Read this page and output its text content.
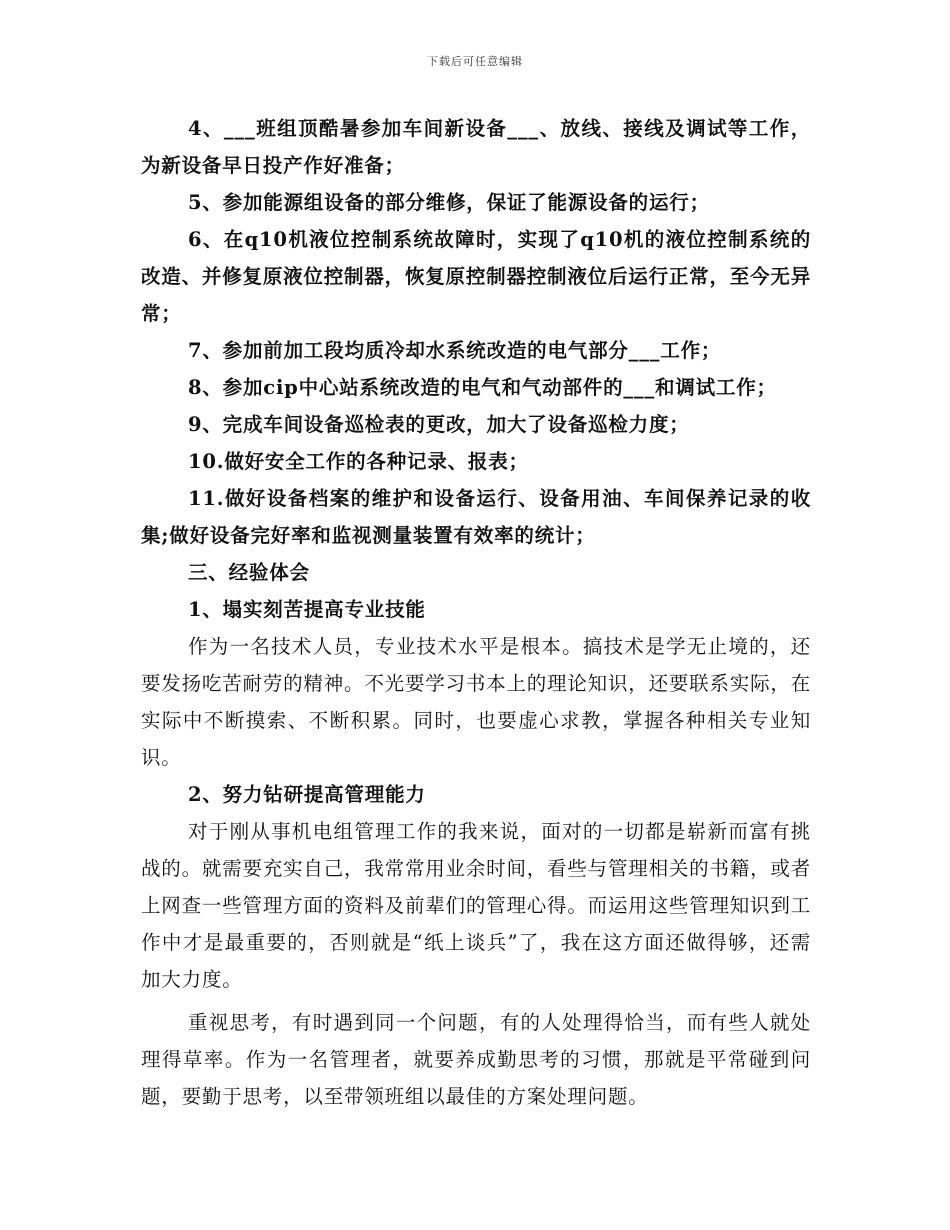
下载后可任意编辑

4、___班组顶酷暑参加车间新设备___、放线、接线及调试等工作，为新设备早日投产作好准备；

5、参加能源组设备的部分维修，保证了能源设备的运行；

6、在q10机液位控制系统故障时，实现了q10机的液位控制系统的改造、并修复原液位控制器，恢复原控制器控制液位后运行正常，至今无异常；

7、参加前加工段均质冷却水系统改造的电气部分___工作；

8、参加cip中心站系统改造的电气和气动部件的___和调试工作；

9、完成车间设备巡检表的更改，加大了设备巡检力度；

10.做好安全工作的各种记录、报表；

11.做好设备档案的维护和设备运行、设备用油、车间保养记录的收集;做好设备完好率和监视测量装置有效率的统计；

三、经验体会

1、塌实刻苦提高专业技能

作为一名技术人员，专业技术水平是根本。搞技术是学无止境的，还要发扬吃苦耐劳的精神。不光要学习书本上的理论知识，还要联系实际，在实际中不断摸索、不断积累。同时，也要虚心求教，掌握各种相关专业知识。

2、努力钻研提高管理能力

对于刚从事机电组管理工作的我来说，面对的一切都是崭新而富有挑战的。就需要充实自己，我常常用业余时间，看些与管理相关的书籍，或者上网查一些管理方面的资料及前辈们的管理心得。而运用这些管理知识到工作中才是最重要的，否则就是“纸上谈兵”了，我在这方面还做得够，还需加大力度。

重视思考，有时遇到同一个问题，有的人处理得恰当，而有些人就处理得草率。作为一名管理者，就要养成勤思考的习惯，那就是平常碰到问题，要勤于思考，以至带领班组以最佳的方案处理问题。
